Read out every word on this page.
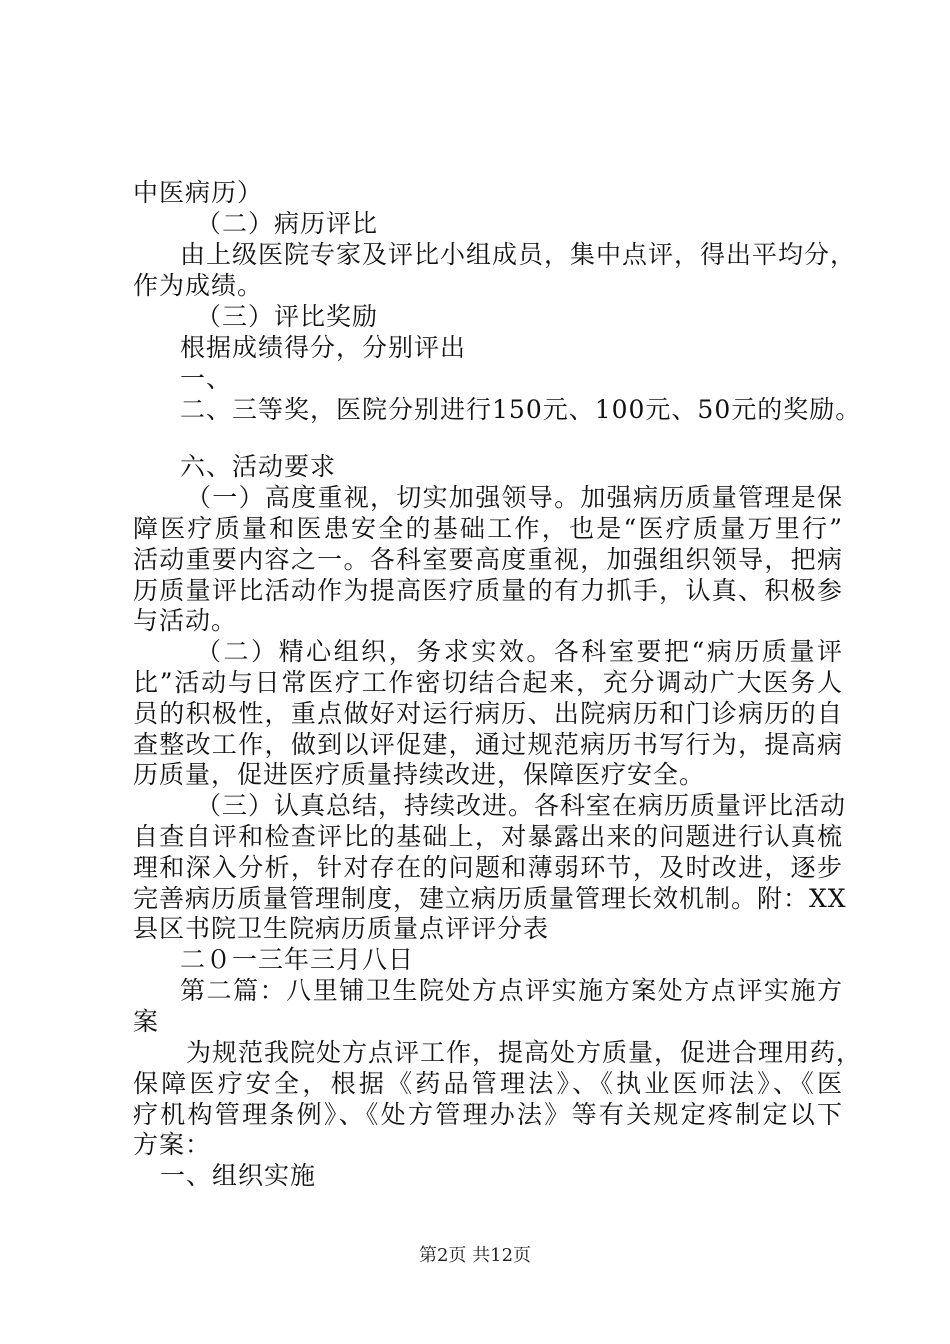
中医病历）
（二）病历评比
由上级医院专家及评比小组成员，集中点评，得出平均分，
作为成绩。
（三）评比奖励
根据成绩得分，分别评出
一、
二、三等奖，医院分别进行150元、100元、50元的奖励。
六、活动要求
（一）高度重视，切实加强领导。加强病历质量管理是保
障医疗质量和医患安全的基础工作，也是“医疗质量万里行”
活动重要内容之一。各科室要高度重视，加强组织领导，把病
历质量评比活动作为提高医疗质量的有力抓手，认真、积极参
与活动。
（二）精心组织，务求实效。各科室要把“病历质量评
比”活动与日常医疗工作密切结合起来，充分调动广大医务人
员的积极性，重点做好对运行病历、出院病历和门诊病历的自
查整改工作，做到以评促建，通过规范病历书写行为，提高病
历质量，促进医疗质量持续改进，保障医疗安全。
（三）认真总结，持续改进。各科室在病历质量评比活动
自查自评和检查评比的基础上，对暴露出来的问题进行认真梳
理和深入分析，针对存在的问题和薄弱环节，及时改进，逐步
完善病历质量管理制度，建立病历质量管理长效机制。附：XX
县区书院卫生院病历质量点评评分表
二０一三年三月八日
第二篇：八里铺卫生院处方点评实施方案处方点评实施方
案
为规范我院处方点评工作，提高处方质量，促进合理用药，
保障医疗安全，根据《药品管理法》、《执业医师法》、《医
疗机构管理条例》、《处方管理办法》等有关规定疼制定以下
方案：
一、组织实施
第2页 共12页
